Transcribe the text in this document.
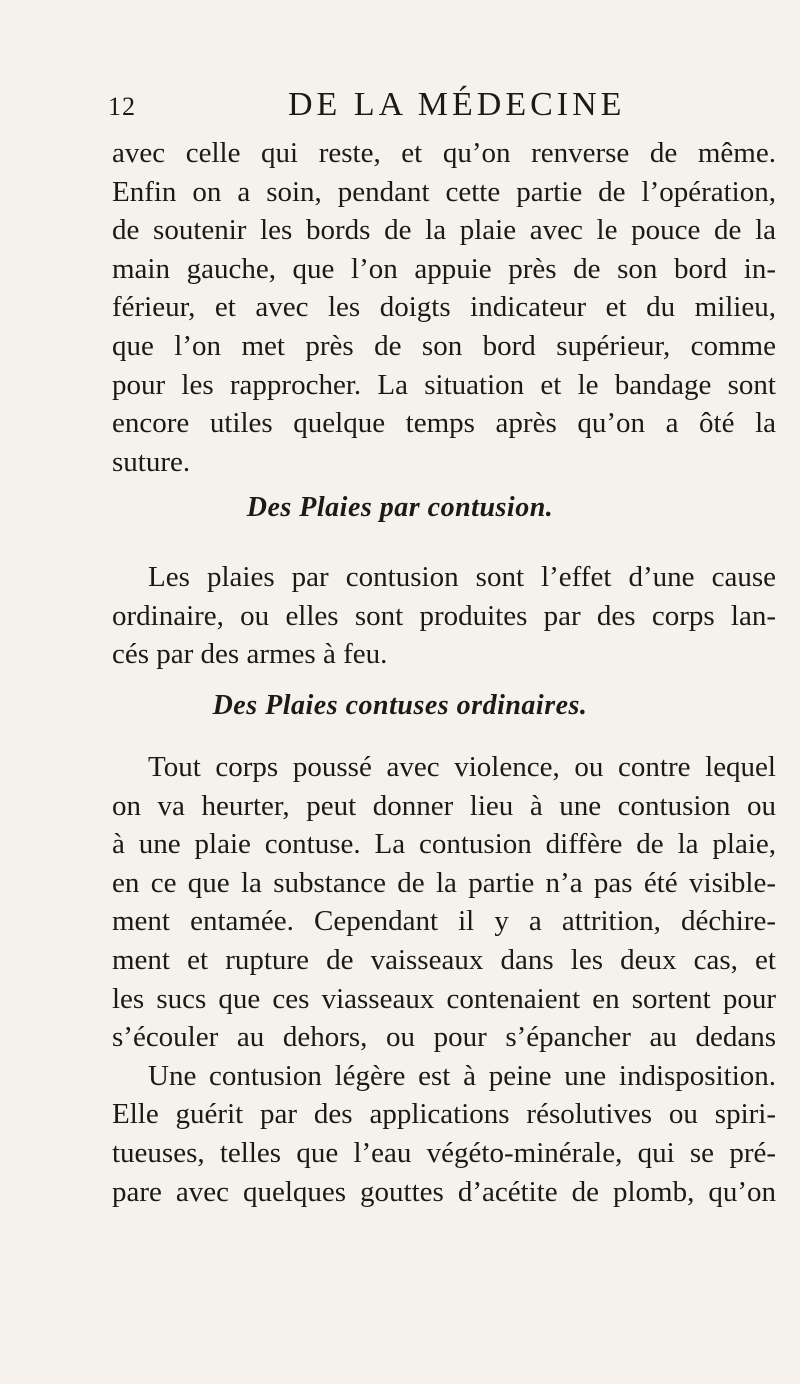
12	DE LA MÉDECINE
avec celle qui reste, et qu’on renverse de même.
Enfin on a soin, pendant cette partie de l’opération,
de soutenir les bords de la plaie avec le pouce de la
main gauche, que l’on appuie près de son bord in-
férieur, et avec les doigts indicateur et du milieu,
que l’on met près de son bord supérieur, comme
pour les rapprocher. La situation et le bandage sont
encore utiles quelque temps après qu’on a ôté la
suture.
Des Plaies par contusion.
Les plaies par contusion sont l’effet d’une cause
ordinaire, ou elles sont produites par des corps lan-
cés par des armes à feu.
Des Plaies contuses ordinaires.
Tout corps poussé avec violence, ou contre lequel
on va heurter, peut donner lieu à une contusion ou
à une plaie contuse. La contusion diffère de la plaie,
en ce que la substance de la partie n’a pas été visible-
ment entamée. Cependant il y a attrition, déchire-
ment et rupture de vaisseaux dans les deux cas, et
les sucs que ces viasseaux contenaient en sortent pour
s’écouler au dehors, ou pour s’épancher au dedans
Une contusion légère est à peine une indisposition.
Elle guérit par des applications résolutives ou spiri-
tueuses, telles que l’eau végéto-minérale, qui se pré-
pare avec quelques gouttes d’acétite de plomb, qu’on
